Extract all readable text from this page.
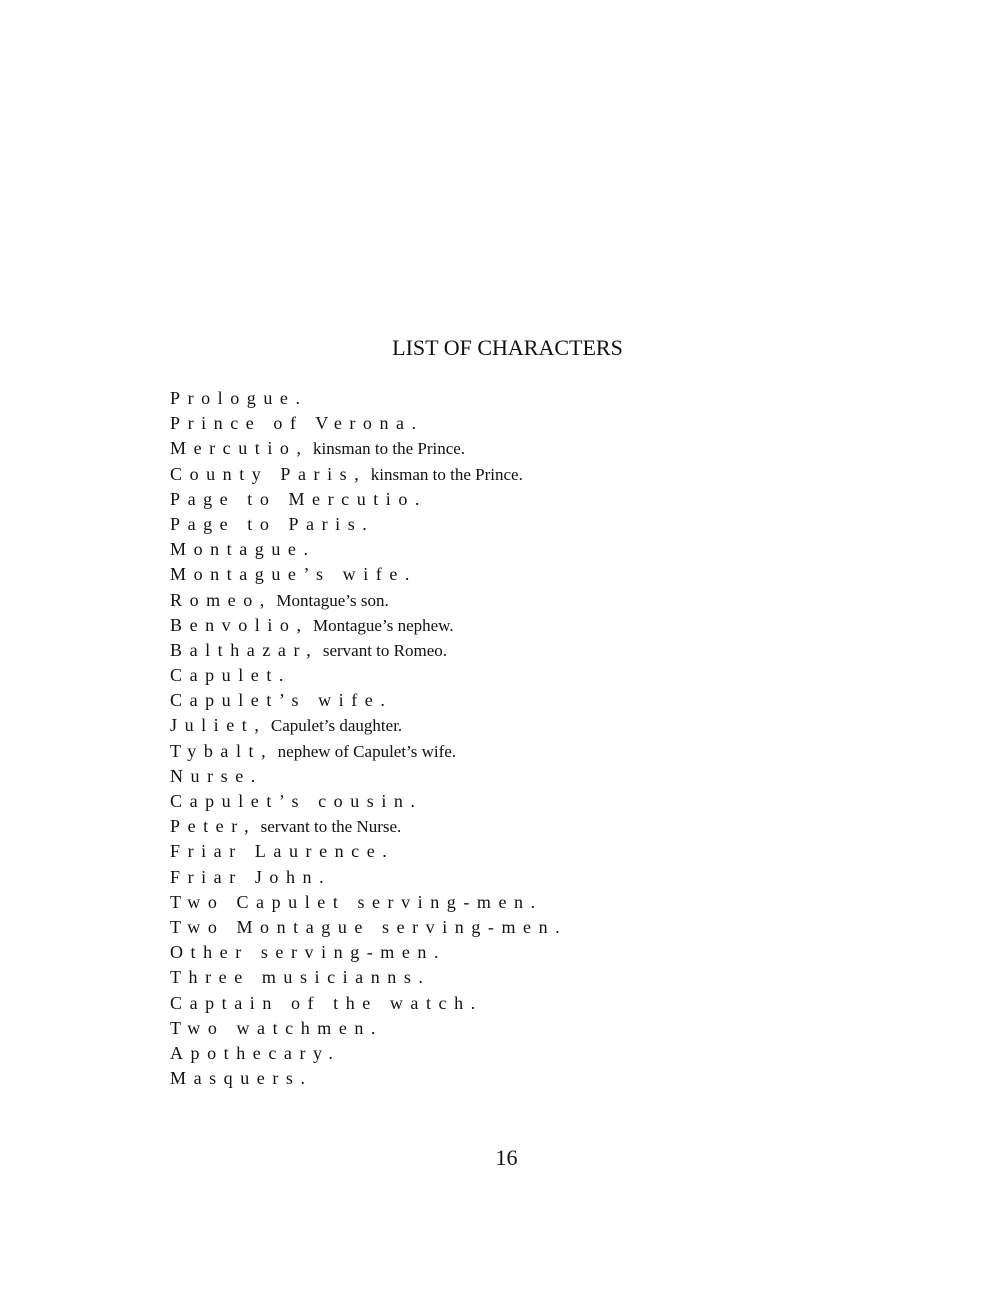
LIST OF CHARACTERS
Prologue.
Prince of Verona.
Mercutio, kinsman to the Prince.
County Paris, kinsman to the Prince.
Page to Mercutio.
Page to Paris.
Montague.
Montague’s wife.
Romeo, Montague’s son.
Benvolio, Montague’s nephew.
Balthazar, servant to Romeo.
Capulet.
Capulet’s wife.
Juliet, Capulet’s daughter.
Tybalt, nephew of Capulet’s wife.
Nurse.
Capulet’s cousin.
Peter, servant to the Nurse.
Friar Laurence.
Friar John.
Two Capulet serving-men.
Two Montague serving-men.
Other serving-men.
Three musicianns.
Captain of the watch.
Two watchmen.
Apothecary.
Masquers.
16
